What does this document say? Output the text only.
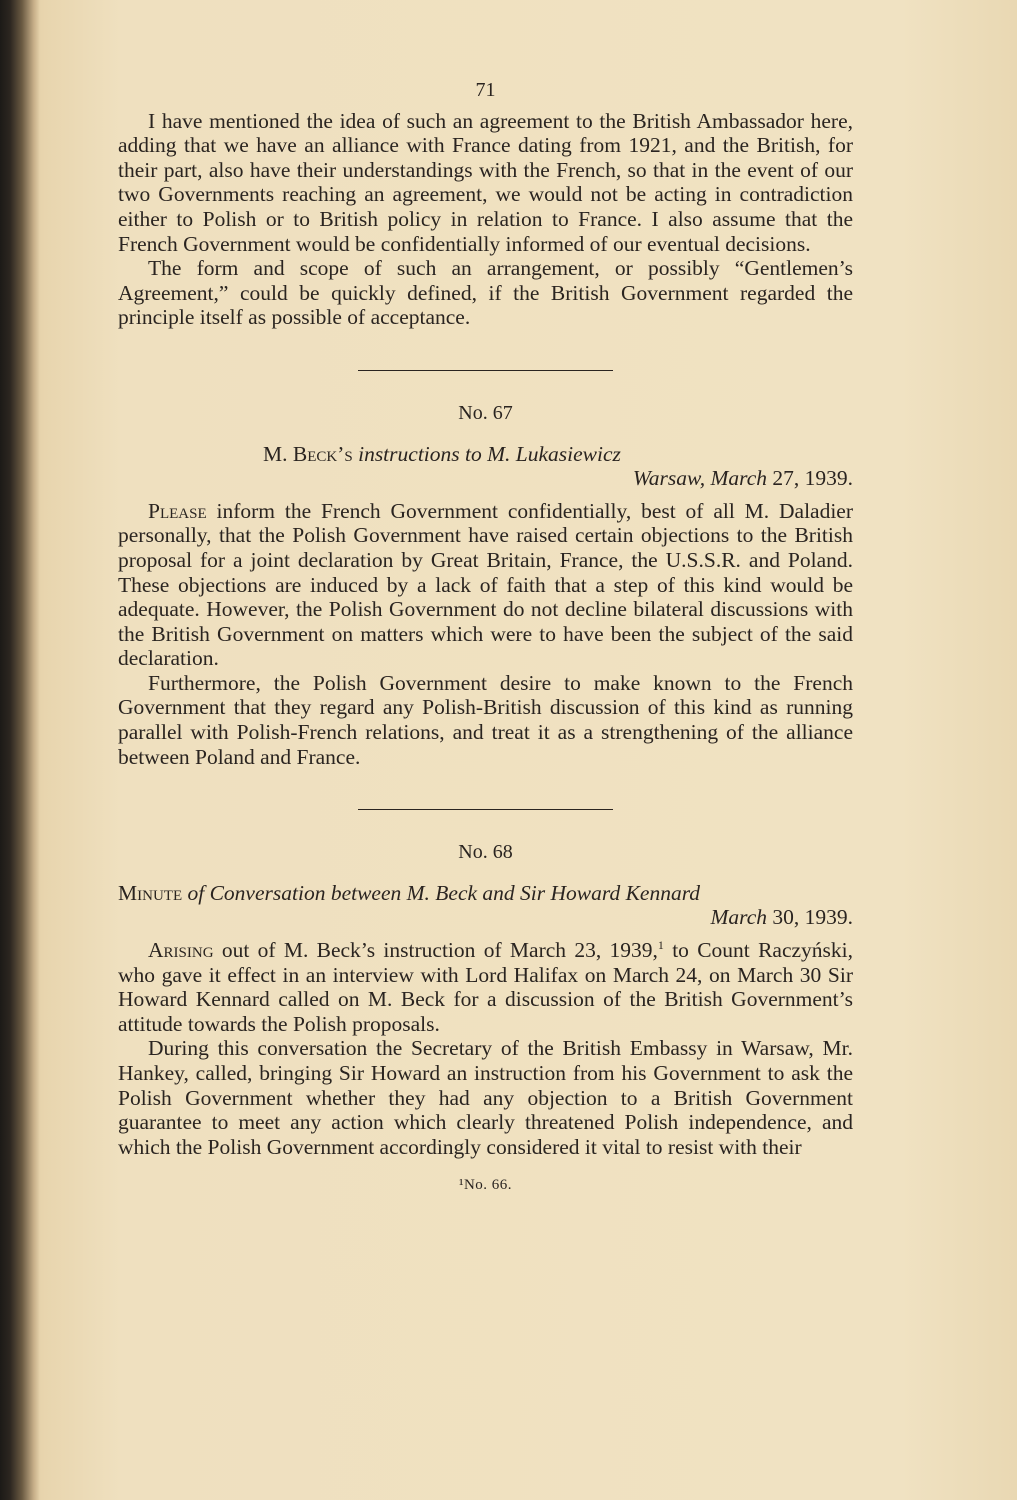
71

I have mentioned the idea of such an agreement to the British Ambassador here, adding that we have an alliance with France dating from 1921, and the British, for their part, also have their understandings with the French, so that in the event of our two Governments reaching an agreement, we would not be acting in contradiction either to Polish or to British policy in relation to France. I also assume that the French Government would be confidentially informed of our eventual decisions.

The form and scope of such an arrangement, or possibly “Gentlemen’s Agreement,” could be quickly defined, if the British Government regarded the principle itself as possible of acceptance.

No. 67
M. Beck’s instructions to M. Lukasiewicz
Warsaw, March 27, 1939.

Please inform the French Government confidentially, best of all M. Daladier personally, that the Polish Government have raised certain objections to the British proposal for a joint declaration by Great Britain, France, the U.S.S.R. and Poland. These objections are induced by a lack of faith that a step of this kind would be adequate. However, the Polish Government do not decline bilateral discussions with the British Government on matters which were to have been the subject of the said declaration.

Furthermore, the Polish Government desire to make known to the French Government that they regard any Polish-British discussion of this kind as running parallel with Polish-French relations, and treat it as a strengthening of the alliance between Poland and France.

No. 68
Minute of Conversation between M. Beck and Sir Howard Kennard
March 30, 1939.

Arising out of M. Beck’s instruction of March 23, 1939,$^1$ to Count Raczyński, who gave it effect in an interview with Lord Halifax on March 24, on March 30 Sir Howard Kennard called on M. Beck for a discussion of the British Government’s attitude towards the Polish proposals.

During this conversation the Secretary of the British Embassy in Warsaw, Mr. Hankey, called, bringing Sir Howard an instruction from his Government to ask the Polish Government whether they had any objection to a British Government guarantee to meet any action which clearly threatened Polish independence, and which the Polish Government accordingly considered it vital to resist with their

¹No. 66.
